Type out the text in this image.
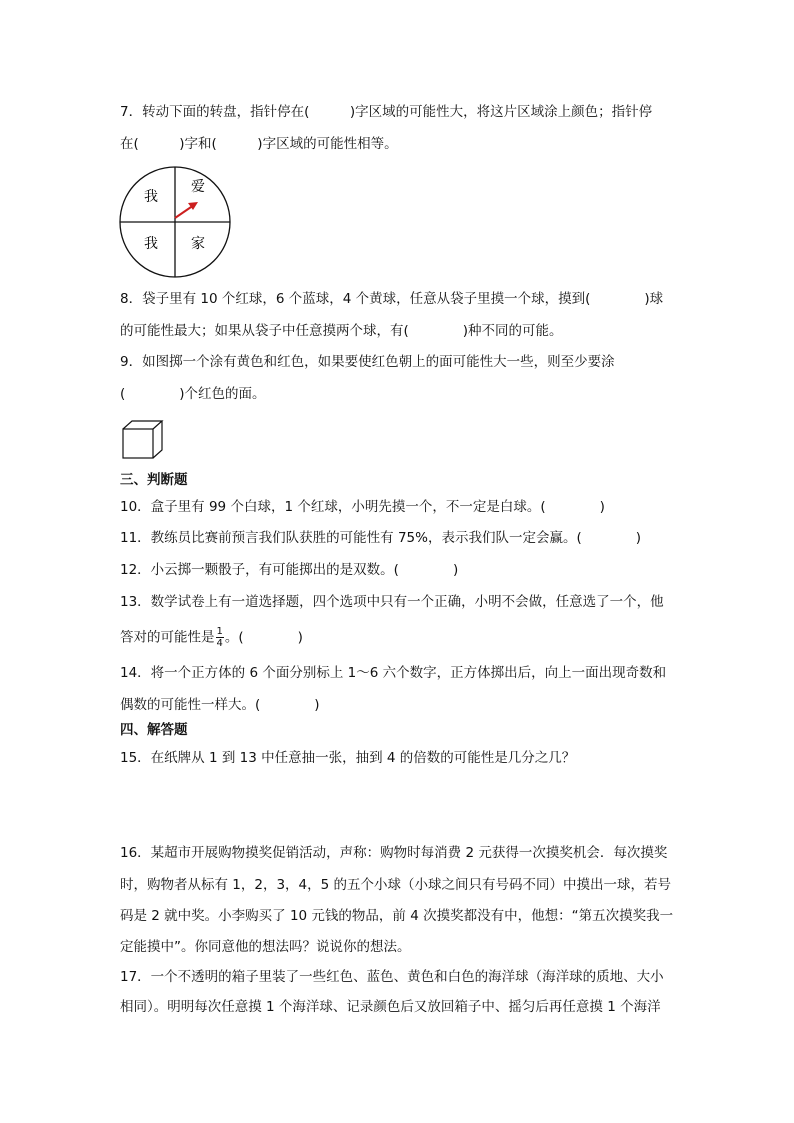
7．转动下面的转盘，指针停在(　　　)字区域的可能性大，将这片区域涂上颜色；指针停
在(　　　)字和(　　　)字区域的可能性相等。
我
爱
我 家
8．袋子里有 10 个红球，6 个蓝球，4 个黄球，任意从袋子里摸一个球，摸到(　　　　)球
的可能性最大；如果从袋子中任意摸两个球，有(　　　　)种不同的可能。
9．如图掷一个涂有黄色和红色，如果要使红色朝上的面可能性大一些，则至少要涂
(　　　　)个红色的面。
三、判断题
10．盒子里有 99 个白球，1 个红球，小明先摸一个，不一定是白球。(　　　　)
11．教练员比赛前预言我们队获胜的可能性有 75%，表示我们队一定会赢。(　　　　)
12．小云掷一颗骰子，有可能掷出的是双数。(　　　　)
13．数学试卷上有一道选择题，四个选项中只有一个正确，小明不会做，任意选了一个，他
答对的可能性是 $\frac{1}{4}$ 。(　　　　)
14．将一个正方体的 6 个面分别标上 1～6 六个数字，正方体掷出后，向上一面出现奇数和
偶数的可能性一样大。(　　　　)
四、解答题
15．在纸牌从 1 到 13 中任意抽一张，抽到 4 的倍数的可能性是几分之几？
16．某超市开展购物摸奖促销活动，声称：购物时每消费 2 元获得一次摸奖机会．每次摸奖
时，购物者从标有 1，2，3，4，5 的五个小球（小球之间只有号码不同）中摸出一球，若号
码是 2 就中奖。小李购买了 10 元钱的物品，前 4 次摸奖都没有中，他想：“第五次摸奖我一
定能摸中”。你同意他的想法吗？说说你的想法。
17．一个不透明的箱子里装了一些红色、蓝色、黄色和白色的海洋球（海洋球的质地、大小
相同）。明明每次任意摸 1 个海洋球、记录颜色后又放回箱子中、摇匀后再任意摸 1 个海洋
